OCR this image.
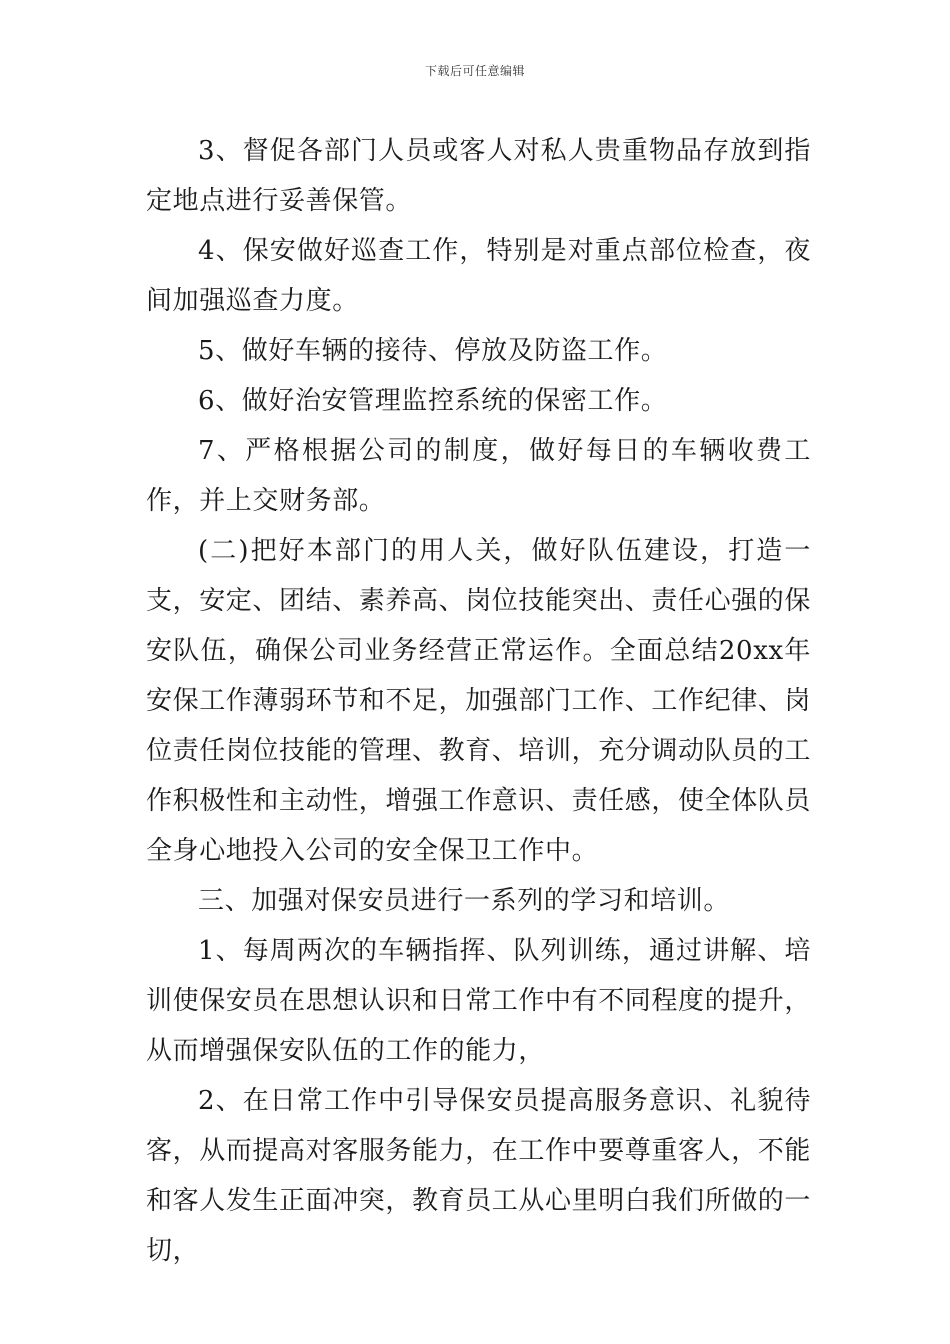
下载后可任意编辑

3、督促各部门人员或客人对私人贵重物品存放到指定地点进行妥善保管。

4、保安做好巡查工作，特别是对重点部位检查，夜间加强巡查力度。

5、做好车辆的接待、停放及防盗工作。

6、做好治安管理监控系统的保密工作。

7、严格根据公司的制度，做好每日的车辆收费工作，并上交财务部。

(二)把好本部门的用人关，做好队伍建设，打造一支，安定、团结、素养高、岗位技能突出、责任心强的保安队伍，确保公司业务经营正常运作。全面总结20xx年安保工作薄弱环节和不足，加强部门工作、工作纪律、岗位责任岗位技能的管理、教育、培训，充分调动队员的工作积极性和主动性，增强工作意识、责任感，使全体队员全身心地投入公司的安全保卫工作中。

三、加强对保安员进行一系列的学习和培训。

1、每周两次的车辆指挥、队列训练，通过讲解、培训使保安员在思想认识和日常工作中有不同程度的提升，从而增强保安队伍的工作的能力，

2、在日常工作中引导保安员提高服务意识、礼貌待客，从而提高对客服务能力，在工作中要尊重客人，不能和客人发生正面冲突，教育员工从心里明白我们所做的一切，
